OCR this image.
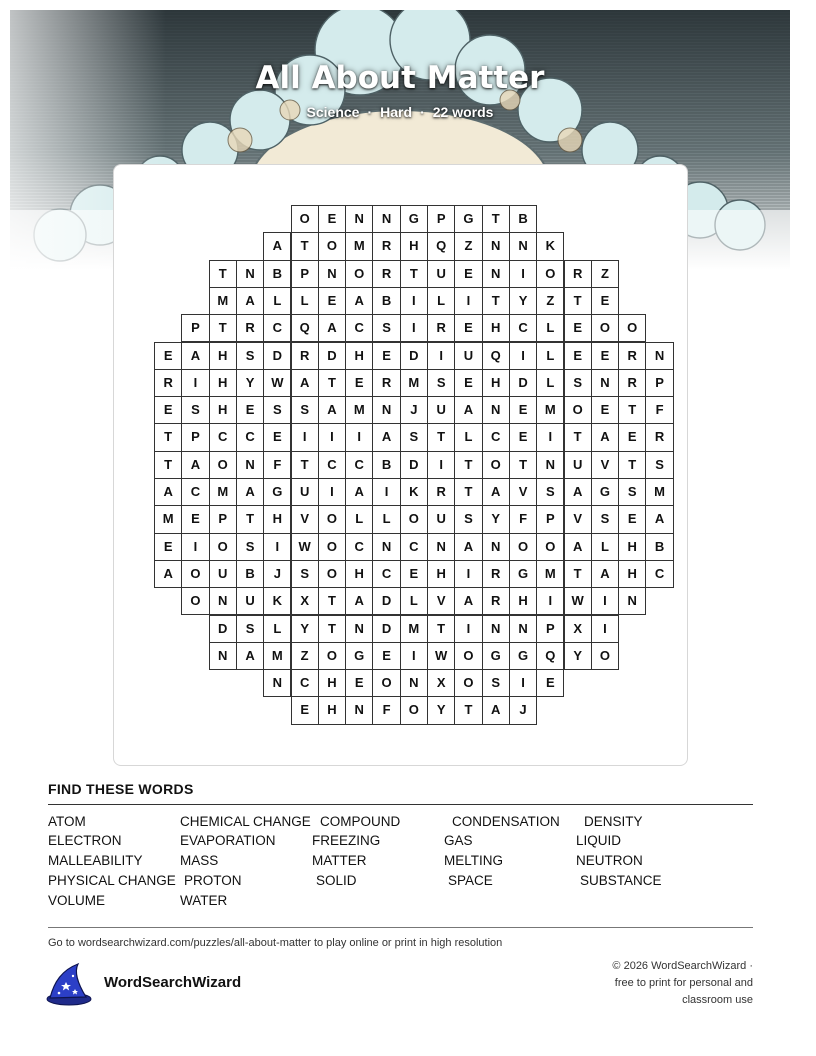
All About Matter
Science · Hard · 22 words
O	E	N	N	G	P	G	T	B
A	T	O	M	R	H	Q	Z	N	N	K
T	N	B	P	N	O	R	T	U	E	N	I	O	R	Z
M	A	L	L	E	A	B	I	L	I	T	Y	Z	T	E
P	T	R	C	Q	A	C	S	I	R	E	H	C	L	E	O	O
E	A	H	S	D	R	D	H	E	D	I	U	Q	I	L	E	E	R	N
R	I	H	Y	W	A	T	E	R	M	S	E	H	D	L	S	N	R	P
E	S	H	E	S	S	A	M	N	J	U	A	N	E	M	O	E	T	F
T	P	C	C	E	I	I	I	A	S	T	L	C	E	I	T	A	E	R
T	A	O	N	F	T	C	C	B	D	I	T	O	T	N	U	V	T	S
A	C	M	A	G	U	I	A	I	K	R	T	A	V	S	A	G	S	M
M	E	P	T	H	V	O	L	L	O	U	S	Y	F	P	V	S	E	A
E	I	O	S	I	W	O	C	N	C	N	A	N	O	O	A	L	H	B
A	O	U	B	J	S	O	H	C	E	H	I	R	G	M	T	A	H	C
O	N	U	K	X	T	A	D	L	V	A	R	H	I	W	I	N
D	S	L	Y	T	N	D	M	T	I	N	N	P	X	I
N	A	M	Z	O	G	E	I	W	O	G	G	Q	Y	O
N	C	H	E	O	N	X	O	S	I	E
E	H	N	F	O	Y	T	A	J
FIND THESE WORDS
ATOM	CHEMICAL CHANGE COMPOUND	CONDENSATION DENSITY
ELECTRON	EVAPORATION	FREEZING	GAS	LIQUID
MALLEABILITY	MASS	MATTER	MELTING	NEUTRON
PHYSICAL CHANGE PROTON	SOLID	SPACE	SUBSTANCE
VOLUME	WATER
Go to wordsearchwizard.com/puzzles/all-about-matter to play online or print in high resolution
WordSearchWizard
© 2026 WordSearchWizard ·
free to print for personal and
classroom use
